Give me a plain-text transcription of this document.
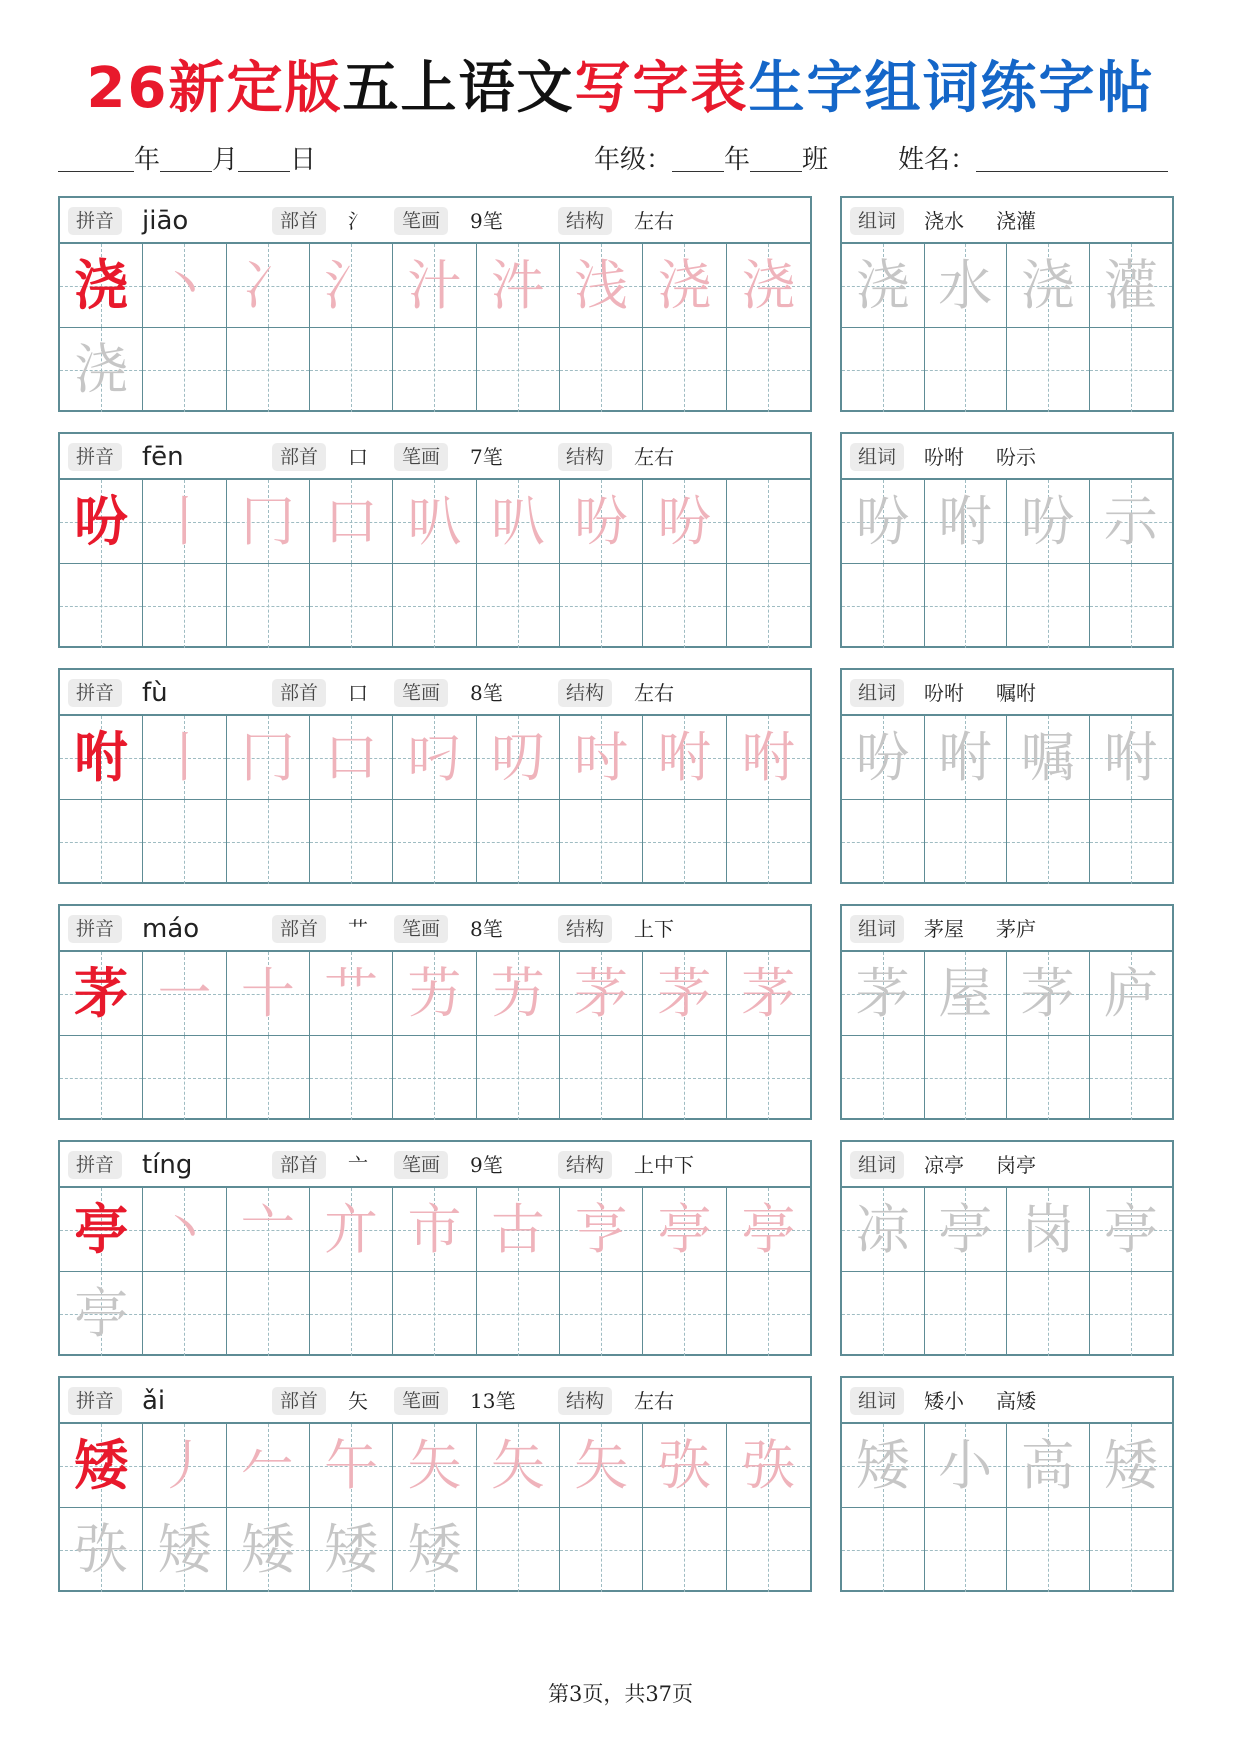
26新定版五上语文写字表生字组词练字帖
年 月 日	年级： 年 班	姓名：
拼音	jiāo	部首	氵	笔画	9笔	结构	左右
浇 丶 冫 氵 汁 汼 浅 浇 浇
浇
组词	浇水 浇灌
浇 水 浇 灌
拼音	fēn	部首	口	笔画	7笔	结构	左右
吩 丨 冂 口 叭 叭 吩 吩
组词	吩咐 吩示
吩 咐 吩 示
拼音	fù	部首	口	笔画	8笔	结构	左右
咐 丨 冂 口 叼 叨 吋 咐 咐
组词	吩咐 嘱咐
吩 咐 嘱 咐
拼音	máo	部首	艹	笔画	8笔	结构	上下
茅 一 十 艹 艻 艻 茅 茅 茅
组词	茅屋 茅庐
茅 屋 茅 庐
拼音	tíng	部首	亠	笔画	9笔	结构	上中下
亭 丶 亠 亣 市 古 亨 亭 亭
亭
组词	凉亭 岗亭
凉 亭 岗 亭
拼音	ǎi	部首	矢	笔画	13笔	结构	左右
矮 丿 𠂉 午 矢 矢 矢 矤 矤
矤 矮 矮 矮 矮
组词	矮小 高矮
矮 小 高 矮
第3页，共37页
